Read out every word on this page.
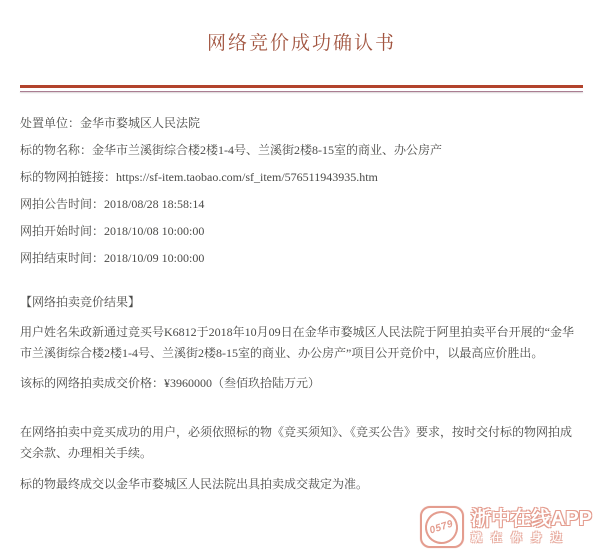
网络竞价成功确认书
处置单位：金华市婺城区人民法院
标的物名称：金华市兰溪街综合楼2楼1-4号、兰溪街2楼8-15室的商业、办公房产
标的物网拍链接：https://sf-item.taobao.com/sf_item/576511943935.htm
网拍公告时间：2018/08/28 18:58:14
网拍开始时间：2018/10/08 10:00:00
网拍结束时间：2018/10/09 10:00:00
【网络拍卖竞价结果】

用户姓名朱政新通过竞买号K6812于2018年10月09日在金华市婺城区人民法院于阿里拍卖平台开展的“金华市兰溪街综合楼2楼1-4号、兰溪街2楼8-15室的商业、办公房产”项目公开竞价中，以最高应价胜出。

该标的网络拍卖成交价格：¥3960000（叁佰玖拾陆万元）

在网络拍卖中竞买成功的用户，必须依照标的物《竞买须知》、《竞买公告》要求，按时交付标的物网拍成交余款、办理相关手续。

标的物最终成交以金华市婺城区人民法院出具拍卖成交裁定为准。

0579 浙中在线APP
就在你身边
